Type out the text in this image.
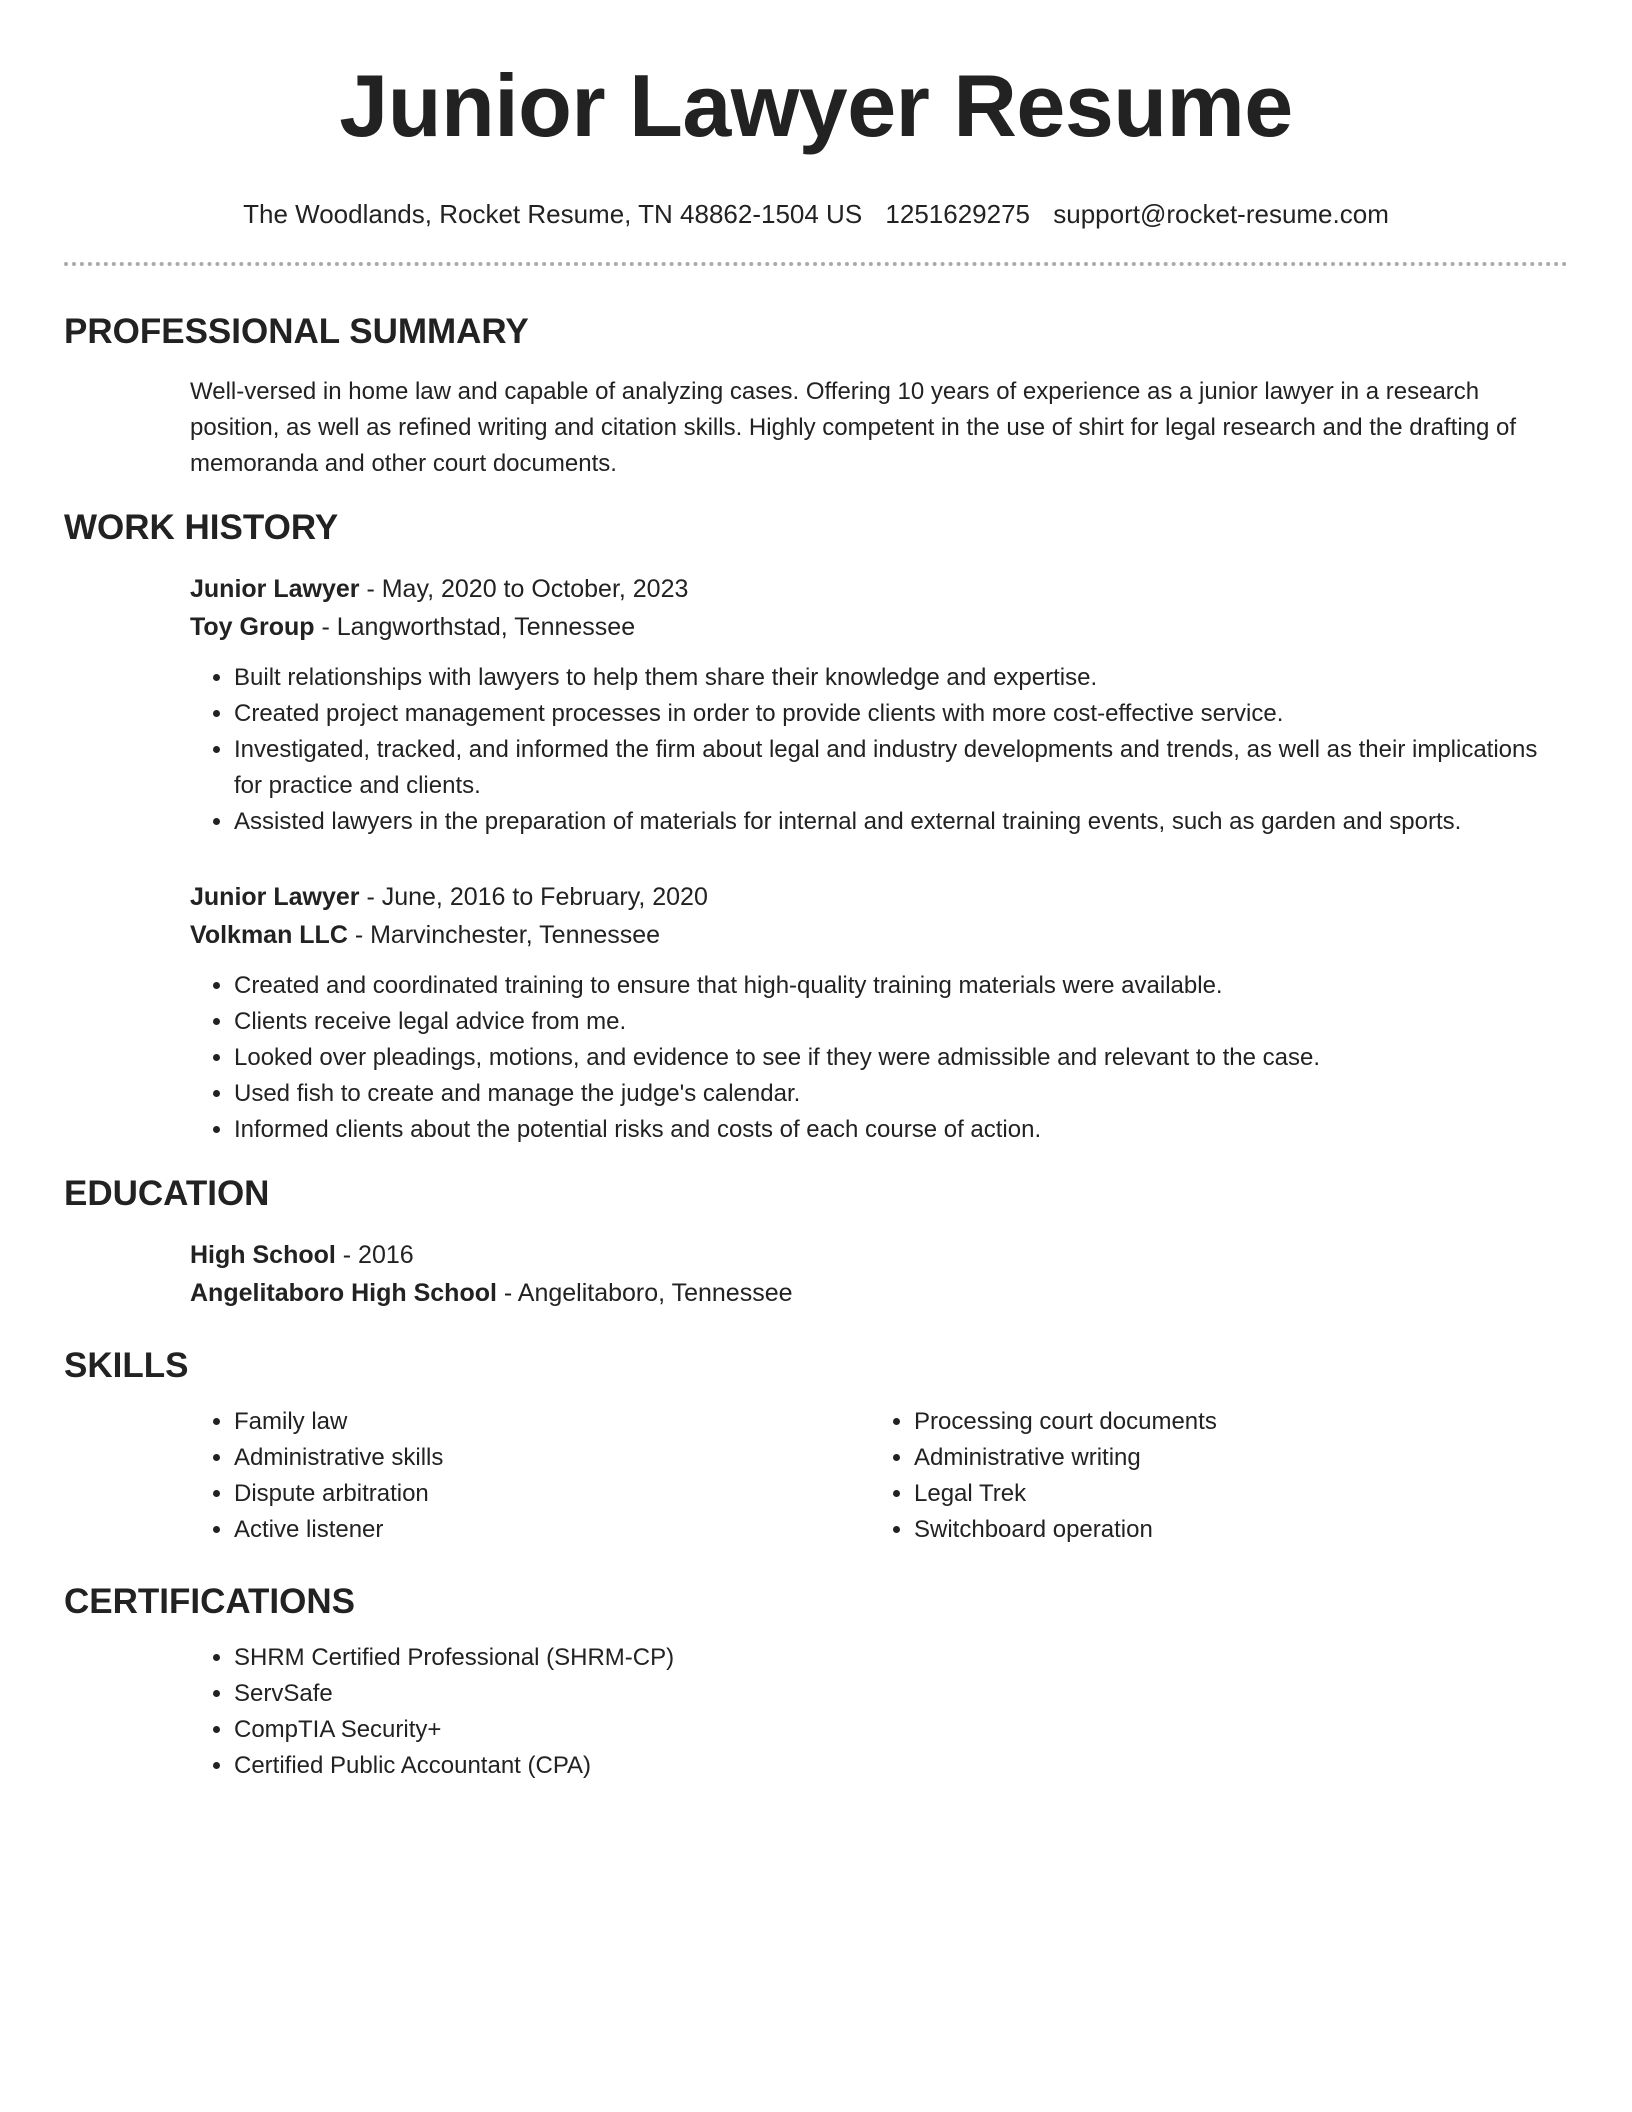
Junior Lawyer Resume
The Woodlands, Rocket Resume, TN 48862-1504 US 1251629275 support@rocket-resume.com
PROFESSIONAL SUMMARY

Well-versed in home law and capable of analyzing cases. Offering 10 years of experience as a junior lawyer in a research position, as well as refined writing and citation skills. Highly competent in the use of shirt for legal research and the drafting of memoranda and other court documents.

WORK HISTORY
Junior Lawyer - May, 2020 to October, 2023
Toy Group - Langworthstad, Tennessee
• Built relationships with lawyers to help them share their knowledge and expertise.
• Created project management processes in order to provide clients with more cost-effective service.
• Investigated, tracked, and informed the firm about legal and industry developments and trends, as well as their implications for practice and clients.
• Assisted lawyers in the preparation of materials for internal and external training events, such as garden and sports.
Junior Lawyer - June, 2016 to February, 2020
Volkman LLC - Marvinchester, Tennessee
• Created and coordinated training to ensure that high-quality training materials were available.
• Clients receive legal advice from me.
• Looked over pleadings, motions, and evidence to see if they were admissible and relevant to the case.
• Used fish to create and manage the judge's calendar.
• Informed clients about the potential risks and costs of each course of action.
EDUCATION
High School - 2016
Angelitaboro High School - Angelitaboro, Tennessee
SKILLS
• Family law
• Administrative skills
• Dispute arbitration
• Active listener
• Processing court documents
• Administrative writing
• Legal Trek
• Switchboard operation
CERTIFICATIONS
• SHRM Certified Professional (SHRM-CP)
• ServSafe
• CompTIA Security+
• Certified Public Accountant (CPA)
